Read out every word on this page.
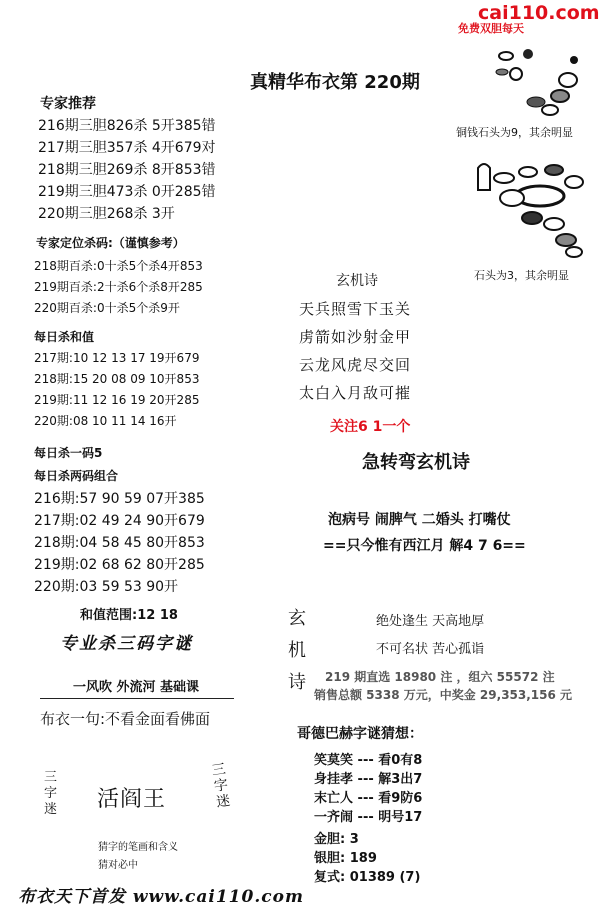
cai110.com
免费双胆每天
真精华布衣第 220期
专家推荐
216期三胆826杀 5开385错
217期三胆357杀 4开679对
218期三胆269杀 8开853错
219期三胆473杀 0开285错
220期三胆268杀 3开
专家定位杀码:（谨慎参考）
218期百杀:0十杀5个杀4开853
219期百杀:2十杀6个杀8开285
220期百杀:0十杀5个杀9开
每日杀和值
217期:10 12 13 17 19开679
218期:15 20 08 09 10开853
219期:11 12 16 19 20开285
220期:08 10 11 14 16开
每日杀一码5
每日杀两码组合
216期:57 90 59 07开385
217期:02 49 24 90开679
218期:04 58 45 80开853
219期:02 68 62 80开285
220期:03 59 53 90开
和值范围:12 18
专业杀三码字谜
一风吹 外流河 基础课
布衣一句:不看金面看佛面
三
字
迷 活阎王
三
字
迷
猜字的笔画和含义
猜对必中
铜钱石头为9，其余明显
石头为3，其余明显
玄机诗
天兵照雪下玉关
虏箭如沙射金甲
云龙风虎尽交回
太白入月敌可摧
关注6 1一个
急转弯玄机诗
泡病号 闹脾气 二婚头 打嘴仗
==只今惟有西江月 解4 7 6==
玄
机
诗
绝处逢生 天高地厚
不可名状 苦心孤诣
219 期直选 18980 注 ，组六 55572 注
销售总额 5338 万元，中奖金 29,353,156 元
哥德巴赫字谜猜想：
笑莫笑 --- 看0有8
身挂孝 --- 解3出7
末亡人 --- 看9防6
一齐闹 --- 明号17
金胆: 3
银胆: 189
复式: 01389 (7)
布衣天下首发 www.cai110.com
